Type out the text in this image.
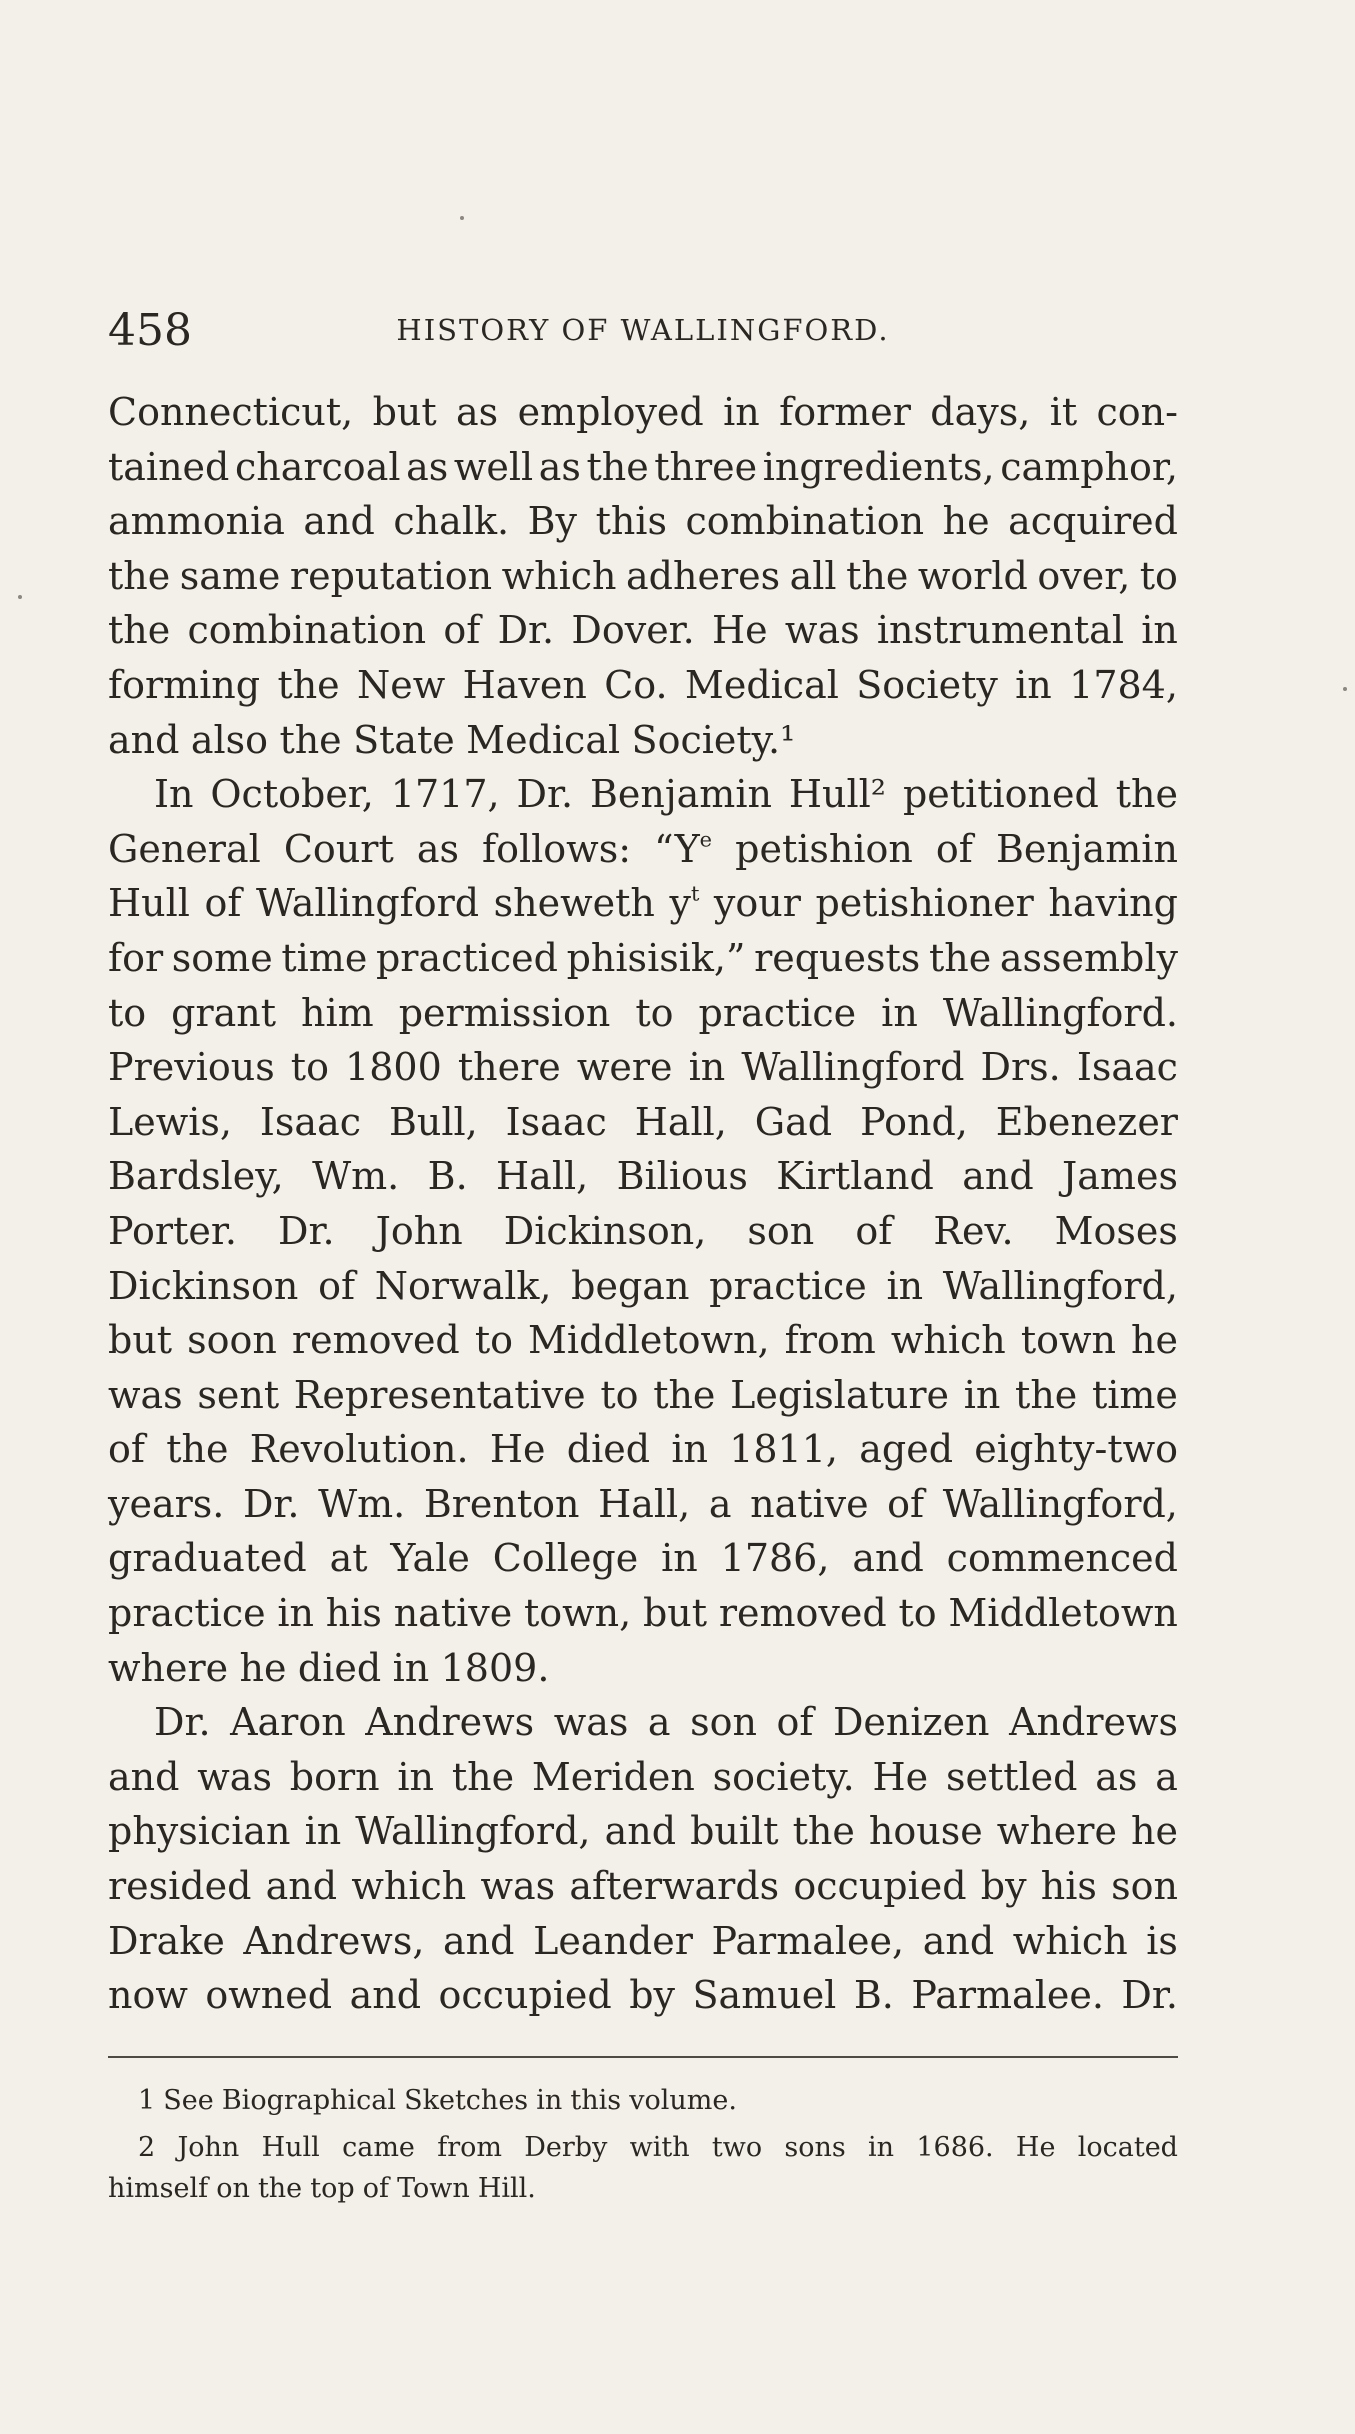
458	HISTORY OF WALLINGFORD.
Connecticut, but as employed in former days, it con-
tained charcoal as well as the three ingredients, camphor,
ammonia and chalk. By this combination he acquired
the same reputation which adheres all the world over, to
the combination of Dr. Dover. He was instrumental in
forming the New Haven Co. Medical Society in 1784,
and also the State Medical Society.¹
In October, 1717, Dr. Benjamin Hull² petitioned the
General Court as follows: “$Y^e$ petishion of Benjamin
Hull of Wallingford sheweth $y^t$ your petishioner having
for some time practiced phisisik,” requests the assembly
to grant him permission to practice in Wallingford.
Previous to 1800 there were in Wallingford Drs. Isaac
Lewis, Isaac Bull, Isaac Hall, Gad Pond, Ebenezer
Bardsley, Wm. B. Hall, Bilious Kirtland and James
Porter. Dr. John Dickinson, son of Rev. Moses
Dickinson of Norwalk, began practice in Wallingford,
but soon removed to Middletown, from which town he
was sent Representative to the Legislature in the time
of the Revolution. He died in 1811, aged eighty-two
years. Dr. Wm. Brenton Hall, a native of Wallingford,
graduated at Yale College in 1786, and commenced
practice in his native town, but removed to Middletown
where he died in 1809.
Dr. Aaron Andrews was a son of Denizen Andrews
and was born in the Meriden society. He settled as a
physician in Wallingford, and built the house where he
resided and which was afterwards occupied by his son
Drake Andrews, and Leander Parmalee, and which is
now owned and occupied by Samuel B. Parmalee. Dr.
1 See Biographical Sketches in this volume.
2 John Hull came from Derby with two sons in 1686. He located
himself on the top of Town Hill.
